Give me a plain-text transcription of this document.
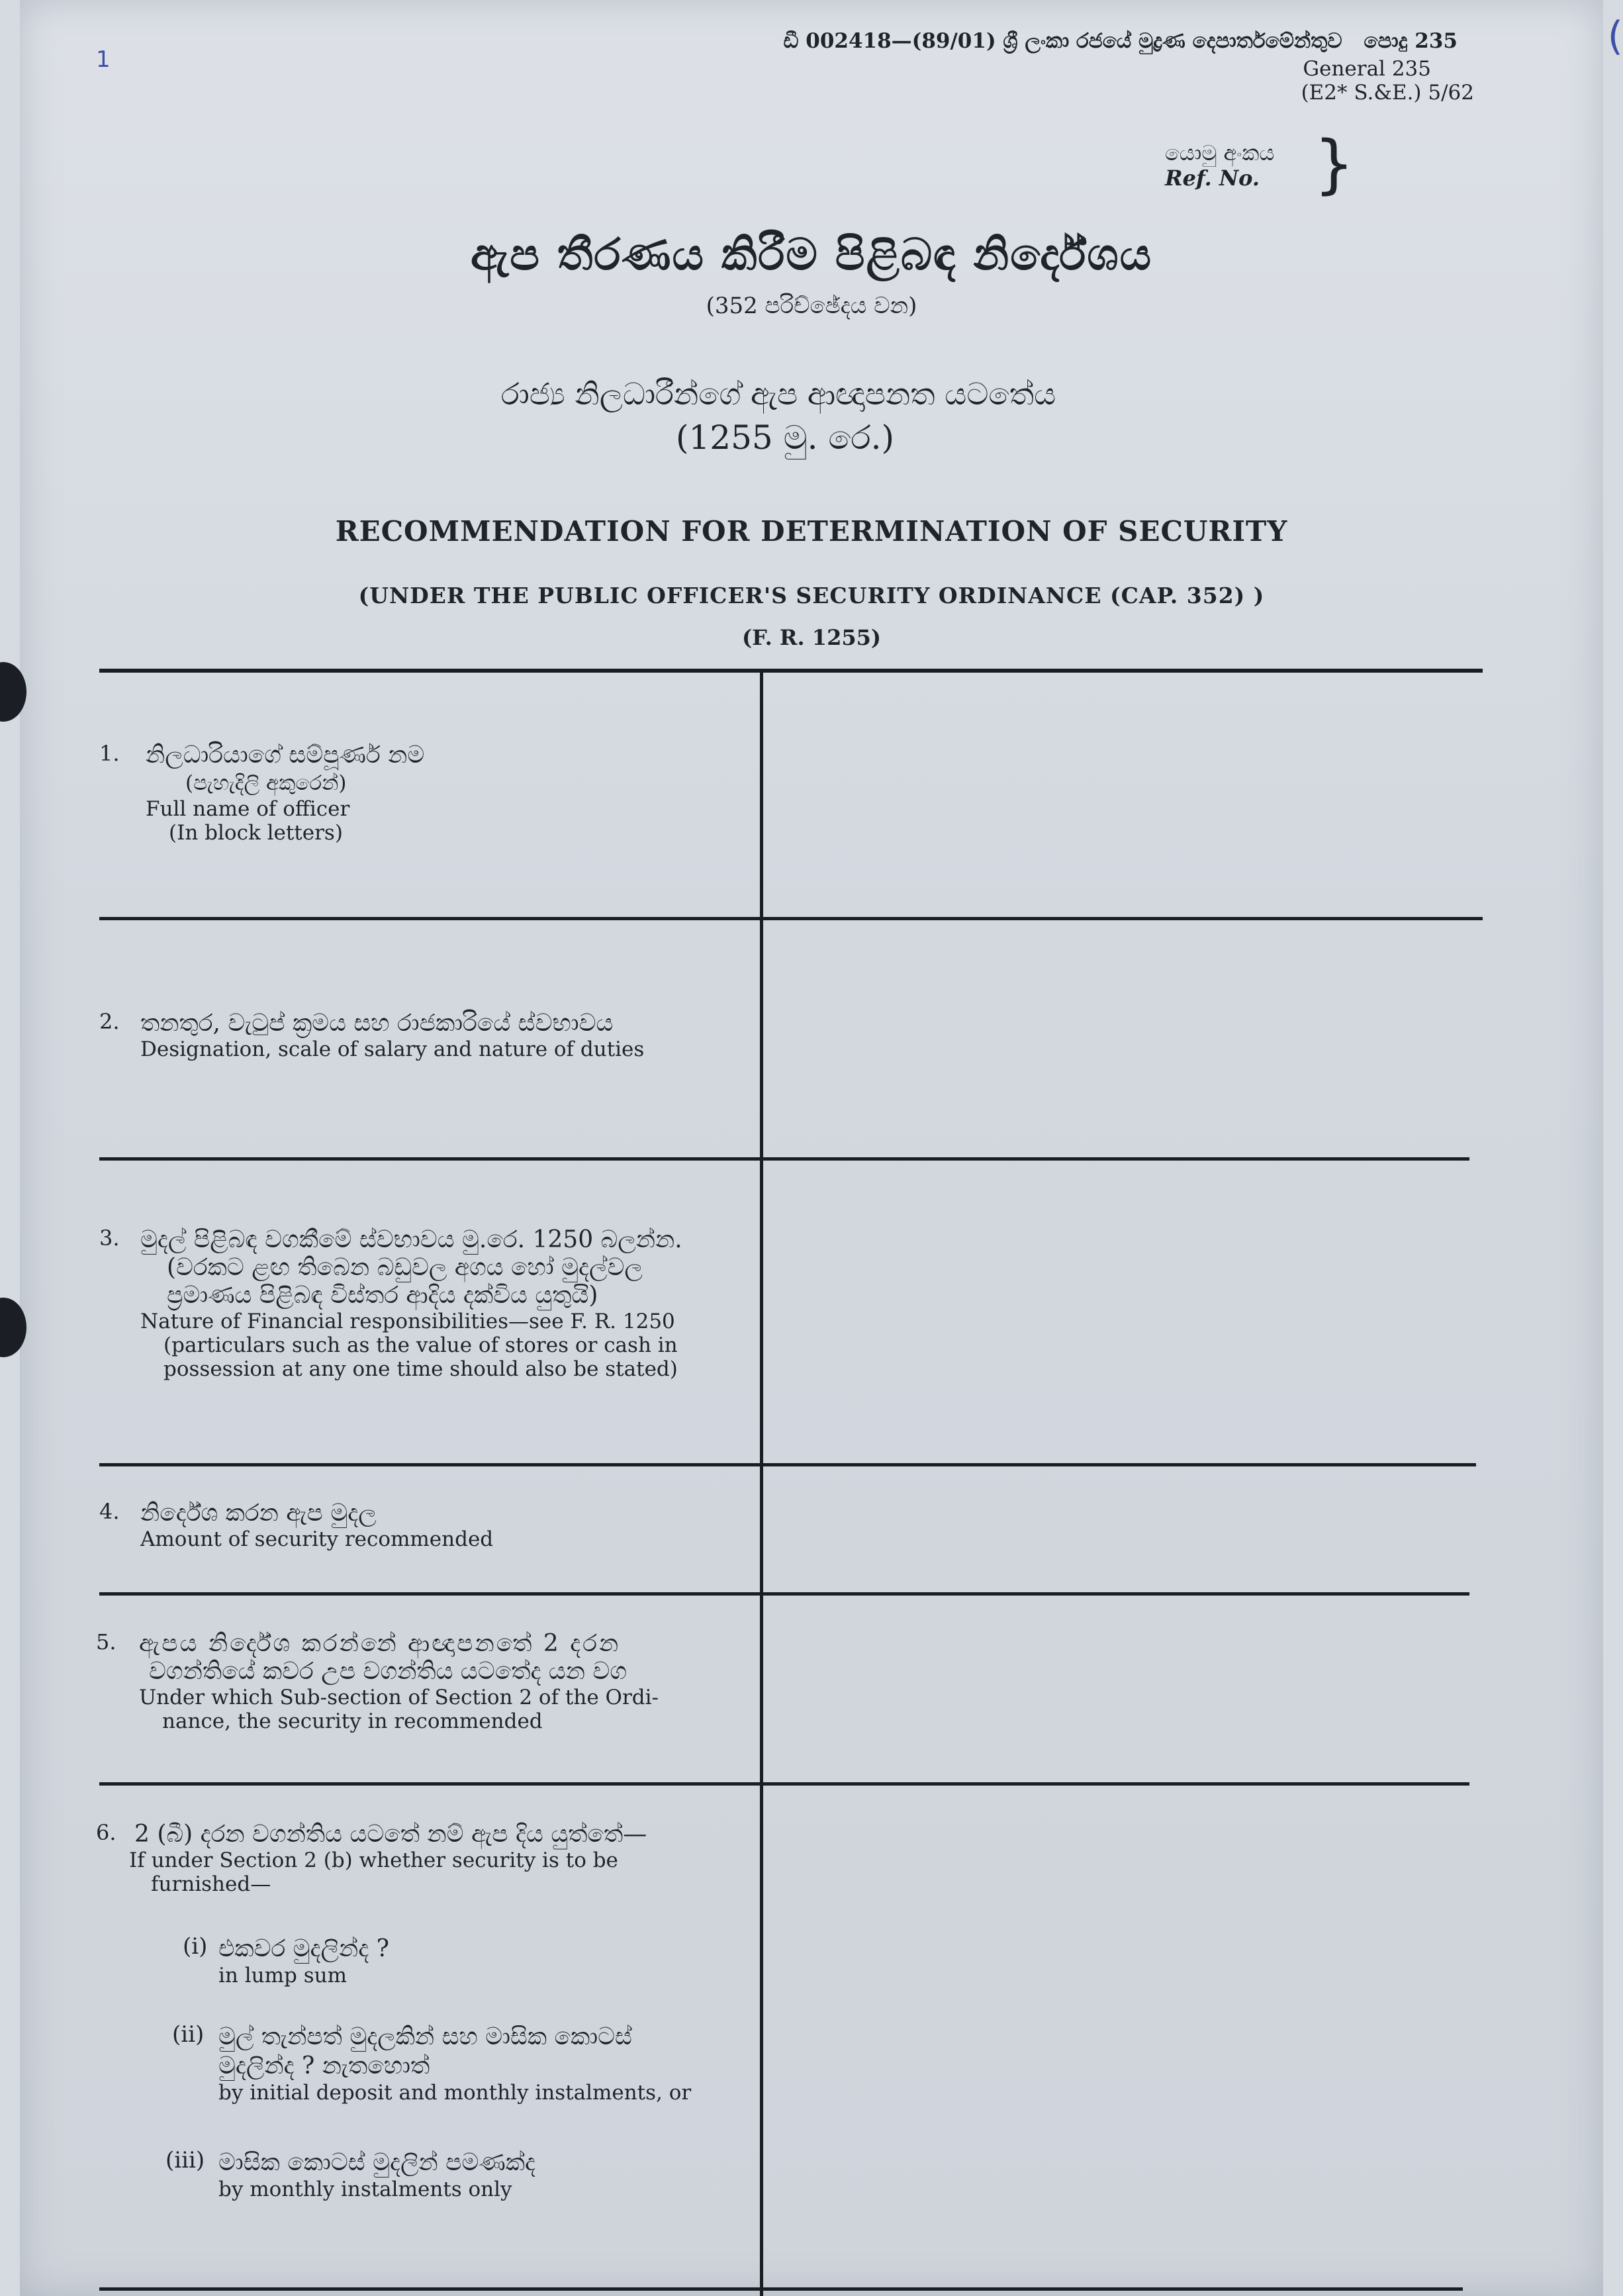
(
1
ඩී 002418—(89/01) ශ්‍රී ලංකා රජයේ මුද්‍රණ දෙපාර්තමේන්තුව පොදු 235
General 235
(E2* S.&E.) 5/62
යොමු අංකය
Ref. No. }
ඇප තීරණය කිරීම පිළිබඳ නිර්දේශය
(352 පරිච්ඡේදය වන)
රාජ්‍ය නිලධාරීන්ගේ ඇප ආඥාපනත යටතේය
(1255 මු. රෙ.)
RECOMMENDATION FOR DETERMINATION OF SECURITY
(UNDER THE PUBLIC OFFICER'S SECURITY ORDINANCE (CAP. 352) )
(F. R. 1255)
1. නිලධාරියාගේ සම්පූර්ණ නම
(පැහැදිලි අකුරෙන්)
Full name of officer
(In block letters)
2. තනතුර, වැටුප් ක්‍රමය සහ රාජකාරියේ ස්වභාවය
Designation, scale of salary and nature of duties
3. මුදල් පිළිබඳ වගකීමේ ස්වභාවය මු.රෙ. 1250 බලන්න.
(වරකට ළඟ තිබෙන බඩුවල අගය හෝ මුදල්වල
ප්‍රමාණය පිළිබඳ විස්තර ආදිය දක්විය යුතුයි)
Nature of Financial responsibilities—see F. R. 1250
(particulars such as the value of stores or cash in
possession at any one time should also be stated)
4. නිර්දේශ කරන ඇප මුදල
Amount of security recommended
5. ඇපය නිර්දේශ කරන්නේ ආඥාපනතේ 2 දරන
වගන්තියේ කවර උප වගන්තිය යටතේද යන වග
Under which Sub-section of Section 2 of the Ordi-
nance, the security in recommended
6. 2 (බී) දරන වගන්තිය යටතේ නම් ඇප දිය යුත්තේ—
If under Section 2 (b) whether security is to be
furnished—
(i) එකවර මුදලින්ද ?
in lump sum
(ii) මුල් තැන්පත් මුදලකින් සහ මාසික කොටස්
මුදලින්ද ? නැතහොත්
by initial deposit and monthly instalments, or
(iii) මාසික කොටස් මුදලින් පමණක්ද
by monthly instalments only
